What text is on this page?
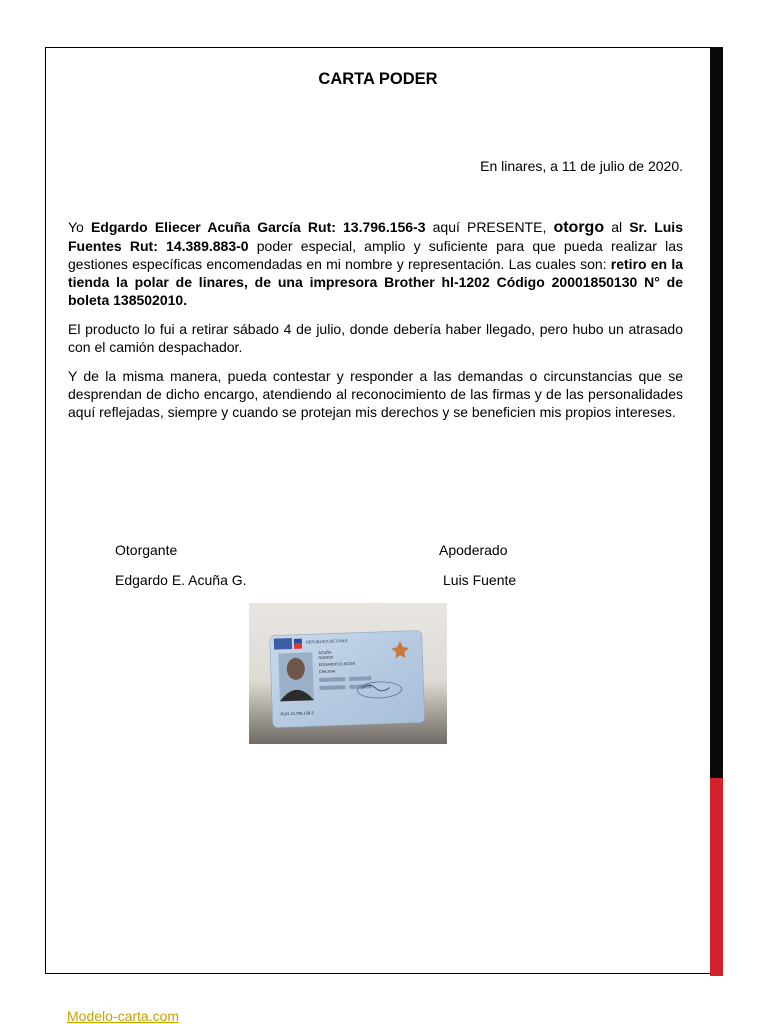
CARTA PODER
En linares, a 11 de julio de 2020.

Yo Edgardo Eliecer Acuña García Rut: 13.796.156-3 aquí PRESENTE, otorgo al Sr. Luis Fuentes Rut: 14.389.883-0 poder especial, amplio y suficiente para que pueda realizar las gestiones específicas encomendadas en mi nombre y representación. Las cuales son: retiro en la tienda la polar de linares, de una impresora Brother hl-1202 Código 20001850130 N° de boleta 138502010.

El producto lo fui a retirar sábado 4 de julio, donde debería haber llegado, pero hubo un atrasado con el camión despachador.

Y de la misma manera, pueda contestar y responder a las demandas o circunstancias que se desprendan de dicho encargo, atendiendo al reconocimiento de las firmas y de las personalidades aquí reflejadas, siempre y cuando se protejan mis derechos y se beneficien mis propios intereses.

Otorgante	Apoderado
Edgardo E. Acuña G.	Luis Fuente
REPUBLICA DE CHILE
ACUÑA
GARCIA
EDGARDO ELIECER
CHILENA
RUN 13.796.156-3
Modelo-carta.com
